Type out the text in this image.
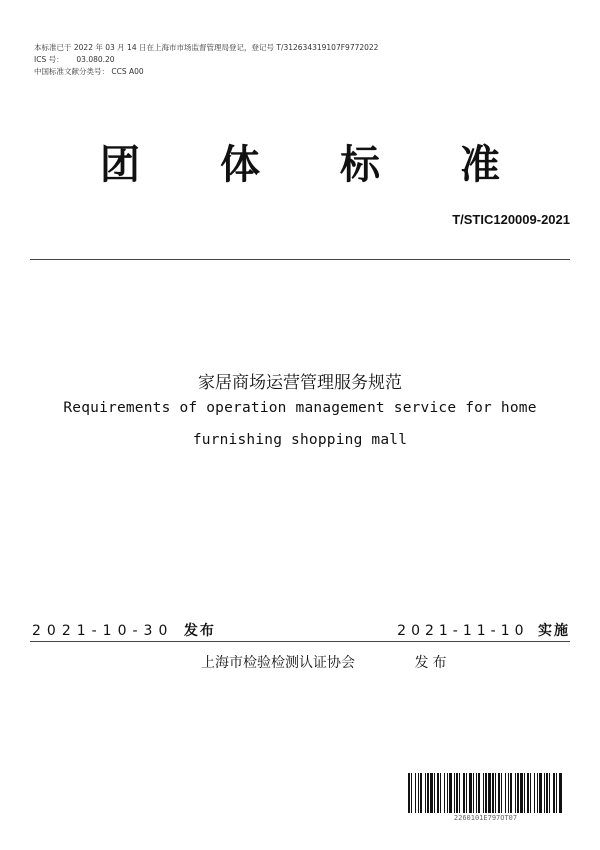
本标准已于 2022 年 03 月 14 日在上海市市场监督管理局登记，登记号 T/312634319107F9772022
ICS 号： 03.080.20
中国标准文献分类号： CCS A00
团 体 标 准
T/STIC120009-2021
家居商场运营管理服务规范
Requirements of operation management service for home
furnishing shopping mall
2021-10-30 发布	2021-11-10 实施
上海市检验检测认证协会	发布
2260101E797OT07
